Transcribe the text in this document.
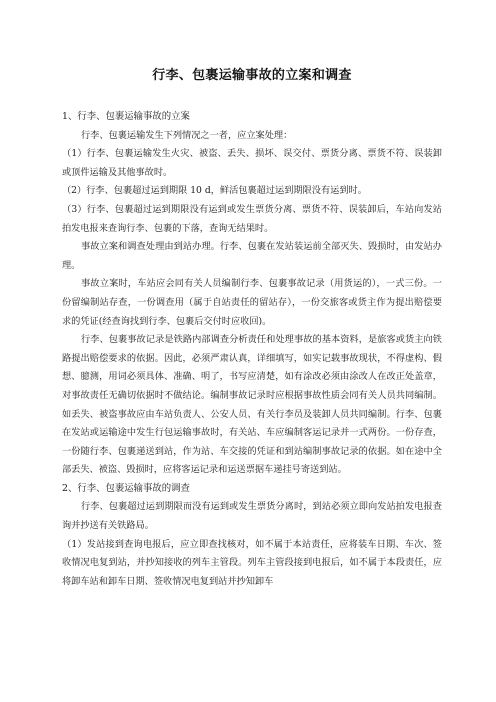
行李、包裹运输事故的立案和调查

1、行李、包裹运输事故的立案

行李、包裹运输发生下列情况之一者，应立案处理：

（1）行李、包裹运输发生火灾、被盗、丢失、损坏、误交付、票货分离、票货不符、误装卸或顶件运输及其他事故时。

（2）行李、包裹超过运到期限 10 d，鲜活包裹超过运到期限没有运到时。

（3）行李、包裹超过运到期限没有运到或发生票货分离、票货不符、误装卸后，车站向发站拍发电报来查询行李、包裹的下落，查询无结果时。

事故立案和调查处理由到站办理。行李、包裹在发站装运前全部灭失、毁损时，由发站办理。

事故立案时，车站应会同有关人员编制行李、包裹事故记录（用货运的），一式三份。一份留编制站存查，一份调查用（属于自站责任的留站存），一份交旅客或货主作为提出赔偿要求的凭证(经查询找到行李、包裹后交付时应收回)。

行李、包裹事故记录是铁路内部调查分析责任和处理事故的基本资料，是旅客或货主向铁路提出赔偿要求的依据。因此，必须严肃认真，详细填写，如实记载事故现状，不得虚构、假想、臆测，用词必须具体、准确、明了，书写应清楚，如有涂改必须由涂改人在改正处盖章，对事故责任无确切依据时不做结论。编制事故记录时应根据事故性质会同有关人员共同编制。如丢失、被盗事故应由车站负责人、公安人员、有关行李员及装卸人员共同编制。行李、包裹在发站或运输途中发生行包运输事故时，有关站、车应编制客运记录并一式两份。一份存查，一份随行李、包裹递送到站，作为站、车交接的凭证和到站编制事故记录的依据。如在途中全部丢失、被盗、毁损时，应将客运记录和运送票据车递挂号寄送到站。

2、行李、包裹运输事故的调查

行李、包裹超过运到期限而没有运到或发生票货分离时，到站必须立即向发站拍发电报查询并抄送有关铁路局。

（1）发站接到查询电报后，应立即查找核对，如不属于本站责任，应将装车日期、车次、签收情况电复到站，并抄知接收的列车主管段。列车主管段接到电报后，如不属于本段责任，应将卸车站和卸车日期、签收情况电复到站并抄知卸车
